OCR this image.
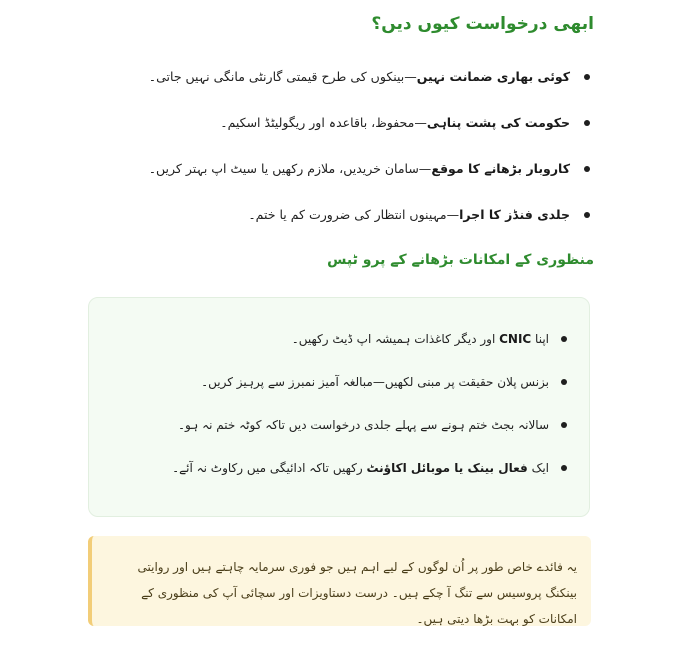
ابھی درخواست کیوں دیں؟
کوئی بھاری ضمانت نہیں—بینکوں کی طرح قیمتی گارنٹی مانگی نہیں جاتی۔
حکومت کی پشت پناہی—محفوظ، باقاعدہ اور ریگولیٹڈ اسکیم۔
کاروبار بڑھانے کا موقع—سامان خریدیں، ملازم رکھیں یا سیٹ اپ بہتر کریں۔
جلدی فنڈز کا اجرا—مہینوں انتظار کی ضرورت کم یا ختم۔
منظوری کے امکانات بڑھانے کے پرو ٹپس
اپنا CNIC اور دیگر کاغذات ہمیشہ اپ ڈیٹ رکھیں۔
بزنس پلان حقیقت پر مبنی لکھیں—مبالغہ آمیز نمبرز سے پرہیز کریں۔
سالانہ بجٹ ختم ہونے سے پہلے جلدی درخواست دیں تاکہ کوٹہ ختم نہ ہو۔
ایک فعال بینک یا موبائل اکاؤنٹ رکھیں تاکہ ادائیگی میں رکاوٹ نہ آئے۔
یہ فائدے خاص طور پر اُن لوگوں کے لیے اہم ہیں جو فوری سرمایہ چاہتے ہیں اور روایتی بینکنگ پروسیس سے تنگ آ چکے ہیں۔ درست دستاویزات اور سچائی آپ کی منظوری کے امکانات کو بہت بڑھا دیتی ہیں۔
